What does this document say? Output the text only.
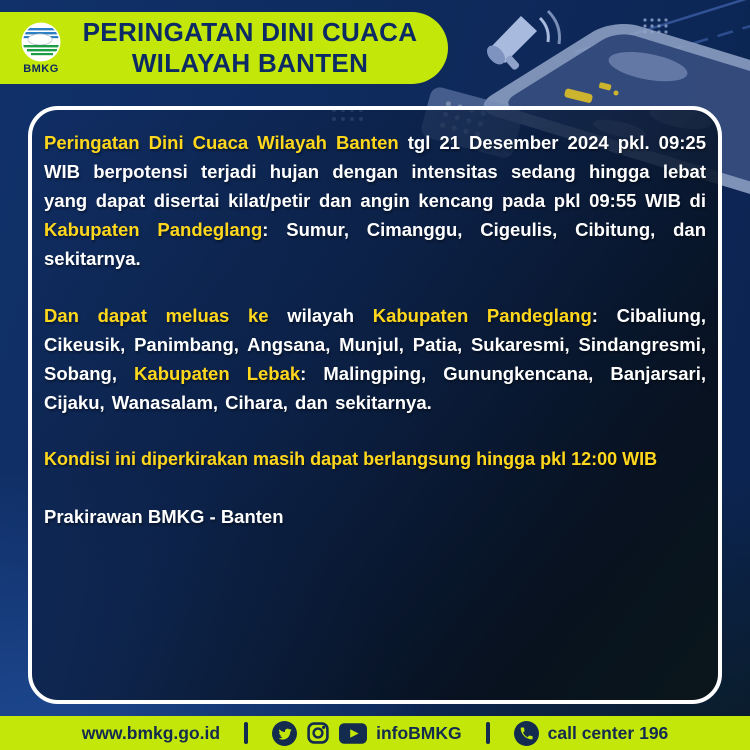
BMKG
PERINGATAN DINI CUACA
WILAYAH BANTEN

Peringatan Dini Cuaca Wilayah Banten tgl 21 Desember 2024 pkl. 09:25 WIB berpotensi terjadi hujan dengan intensitas sedang hingga lebat yang dapat disertai kilat/petir dan angin kencang pada pkl 09:55 WIB di Kabupaten Pandeglang: Sumur, Cimanggu, Cigeulis, Cibitung, dan sekitarnya.

Dan dapat meluas ke wilayah Kabupaten Pandeglang: Cibaliung, Cikeusik, Panimbang, Angsana, Munjul, Patia, Sukaresmi, Sindangresmi, Sobang, Kabupaten Lebak: Malingping, Gunungkencana, Banjarsari, Cijaku, Wanasalam, Cihara, dan sekitarnya.

Kondisi ini diperkirakan masih dapat berlangsung hingga pkl 12:00 WIB

Prakirawan BMKG - Banten

www.bmkg.go.id	infoBMKG	call center 196
